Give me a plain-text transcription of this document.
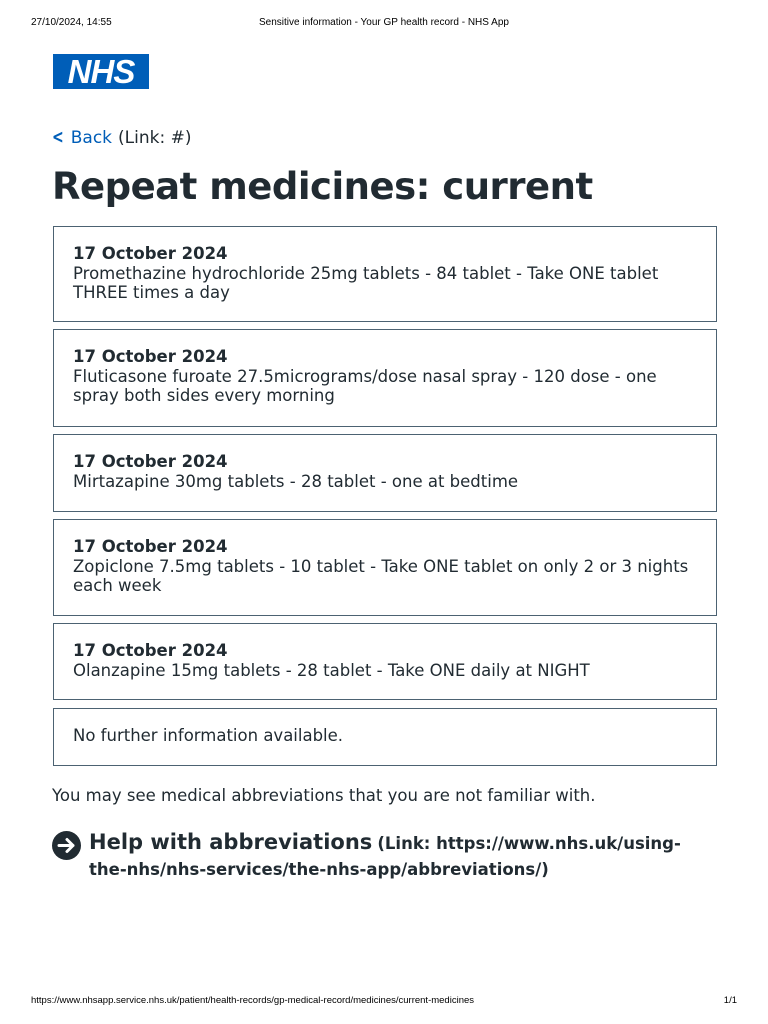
27/10/2024, 14:55	Sensitive information - Your GP health record - NHS App
NHS
< Back (Link: #)
Repeat medicines: current
17 October 2024
Promethazine hydrochloride 25mg tablets - 84 tablet - Take ONE tablet THREE times a day
17 October 2024
Fluticasone furoate 27.5micrograms/dose nasal spray - 120 dose - one spray both sides every morning
17 October 2024
Mirtazapine 30mg tablets - 28 tablet - one at bedtime
17 October 2024
Zopiclone 7.5mg tablets - 10 tablet - Take ONE tablet on only 2 or 3 nights each week
17 October 2024
Olanzapine 15mg tablets - 28 tablet - Take ONE daily at NIGHT
No further information available.

You may see medical abbreviations that you are not familiar with.

Help with abbreviations (Link: https://www.nhs.uk/using-the-nhs/nhs-services/the-nhs-app/abbreviations/)
https://www.nhsapp.service.nhs.uk/patient/health-records/gp-medical-record/medicines/current-medicines	1/1
